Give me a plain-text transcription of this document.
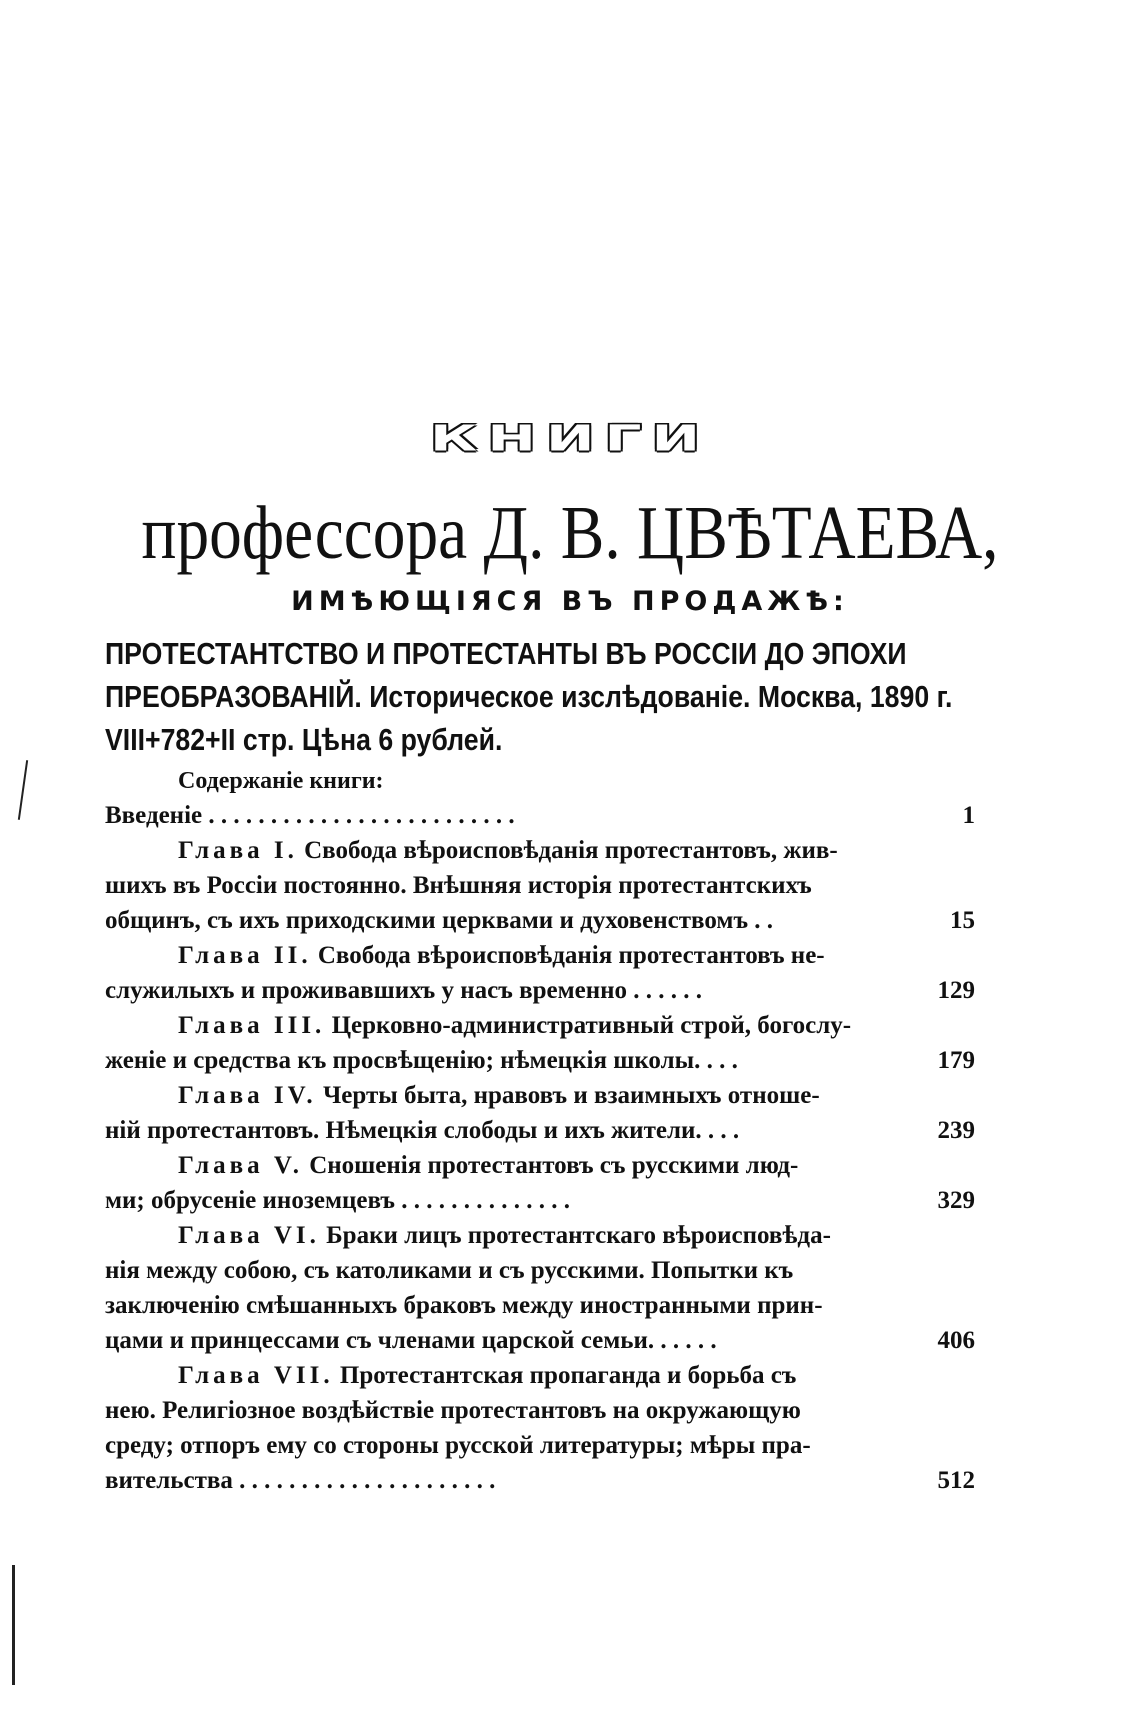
КНИГИ
профессора Д. В. ЦВѢТАЕВА,
ИМѢЮЩІЯСЯ ВЪ ПРОДАЖѢ:
ПРОТЕСТАНТСТВО И ПРОТЕСТАНТЫ ВЪ РОССІИ ДО ЭПОХИ
ПРЕОБРАЗОВАНІЙ. Историческое изслѣдованіе. Москва, 1890 г.
VIII+782+II стр. Цѣна 6 рублей.
Содержаніе книги:
Введеніе . . . . . . . . . . . . . . . . . . . . . . . . .	1
Глава I. Свобода вѣроисповѣданія протестантовъ, жив-
шихъ въ Россіи постоянно. Внѣшняя исторія протестантскихъ
общинъ, съ ихъ приходскими церквами и духовенствомъ . .	15
Глава II. Свобода вѣроисповѣданія протестантовъ не-
служилыхъ и проживавшихъ у насъ временно . . . . . .	129
Глава III. Церковно-административный строй, богослу-
женіе и средства къ просвѣщенію; нѣмецкія школы. . . .	179
Глава IV. Черты быта, нравовъ и взаимныхъ отноше-
ній протестантовъ. Нѣмецкія слободы и ихъ жители. . . .	239
Глава V. Сношенія протестантовъ съ русскими люд-
ми; обрусеніе иноземцевъ . . . . . . . . . . . . . .	329
Глава VI. Браки лицъ протестантскаго вѣроисповѣда-
нія между собою, съ католиками и съ русскими. Попытки къ
заключенію смѣшанныхъ браковъ между иностранными прин-
цами и принцессами съ членами царской семьи. . . . . .	406
Глава VII. Протестантская пропаганда и борьба съ
нею. Религіозное воздѣйствіе протестантовъ на окружающую
среду; отпоръ ему со стороны русской литературы; мѣры пра-
вительства . . . . . . . . . . . . . . . . . . . . .	512
